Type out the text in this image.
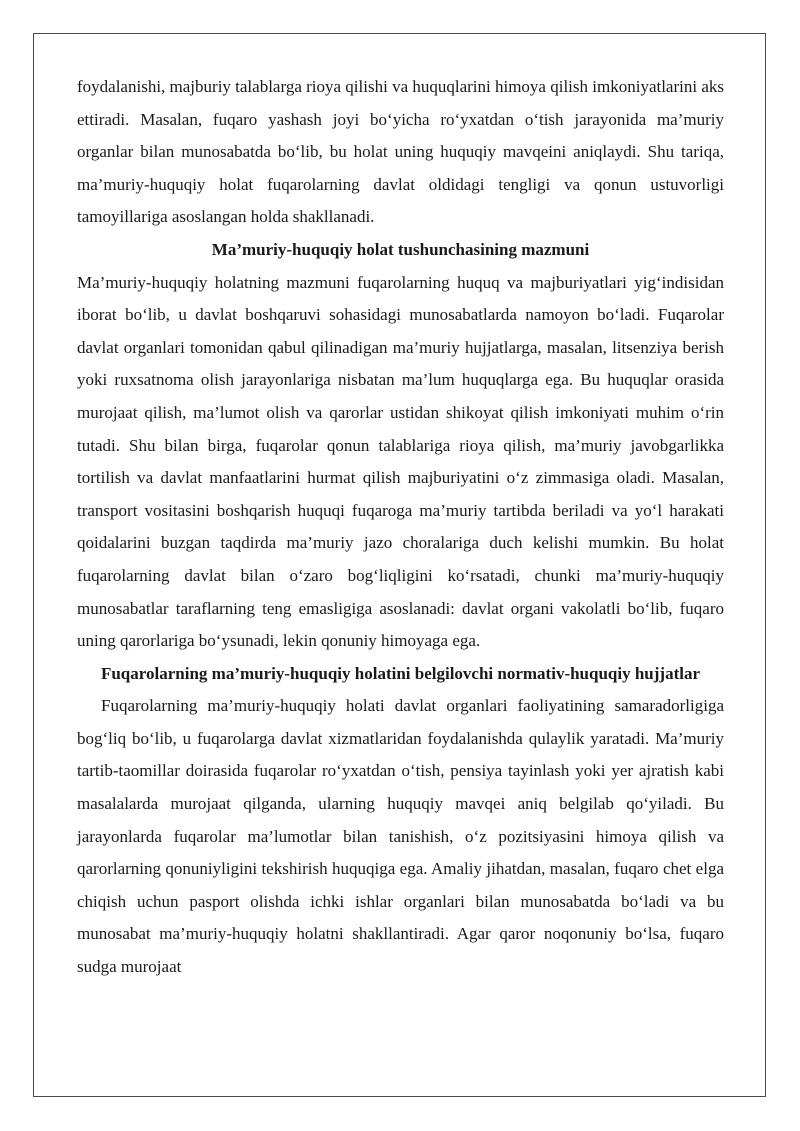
foydalanishi, majburiy talablarga rioya qilishi va huquqlarini himoya qilish imkoniyatlarini aks ettiradi. Masalan, fuqaro yashash joyi bo‘yicha ro‘yxatdan o‘tish jarayonida ma’muriy organlar bilan munosabatda bo‘lib, bu holat uning huquqiy mavqeini aniqlaydi. Shu tariqa, ma’muriy-huquqiy holat fuqarolarning davlat oldidagi tengligi va qonun ustuvorligi tamoyillariga asoslangan holda shakllanadi.

Ma’muriy-huquqiy holat tushunchasining mazmuni

Ma’muriy-huquqiy holatning mazmuni fuqarolarning huquq va majburiyatlari yig‘indisidan iborat bo‘lib, u davlat boshqaruvi sohasidagi munosabatlarda namoyon bo‘ladi. Fuqarolar davlat organlari tomonidan qabul qilinadigan ma’muriy hujjatlarga, masalan, litsenziya berish yoki ruxsatnoma olish jarayonlariga nisbatan ma’lum huquqlarga ega. Bu huquqlar orasida murojaat qilish, ma’lumot olish va qarorlar ustidan shikoyat qilish imkoniyati muhim o‘rin tutadi. Shu bilan birga, fuqarolar qonun talablariga rioya qilish, ma’muriy javobgarlikka tortilish va davlat manfaatlarini hurmat qilish majburiyatini o‘z zimmasiga oladi. Masalan, transport vositasini boshqarish huquqi fuqaroga ma’muriy tartibda beriladi va yo‘l harakati qoidalarini buzgan taqdirda ma’muriy jazo choralariga duch kelishi mumkin. Bu holat fuqarolarning davlat bilan o‘zaro bog‘liqligini ko‘rsatadi, chunki ma’muriy-huquqiy munosabatlar taraflarning teng emasligiga asoslanadi: davlat organi vakolatli bo‘lib, fuqaro uning qarorlariga bo‘ysunadi, lekin qonuniy himoyaga ega.

Fuqarolarning ma’muriy-huquqiy holatini belgilovchi normativ-huquqiy hujjatlar

Fuqarolarning ma’muriy-huquqiy holati davlat organlari faoliyatining samaradorligiga bog‘liq bo‘lib, u fuqarolarga davlat xizmatlaridan foydalanishda qulaylik yaratadi. Ma’muriy tartib-taomillar doirasida fuqarolar ro‘yxatdan o‘tish, pensiya tayinlash yoki yer ajratish kabi masalalarda murojaat qilganda, ularning huquqiy mavqei aniq belgilab qo‘yiladi. Bu jarayonlarda fuqarolar ma’lumotlar bilan tanishish, o‘z pozitsiyasini himoya qilish va qarorlarning qonuniyligini tekshirish huquqiga ega. Amaliy jihatdan, masalan, fuqaro chet elga chiqish uchun pasport olishda ichki ishlar organlari bilan munosabatda bo‘ladi va bu munosabat ma’muriy-huquqiy holatni shakllantiradi. Agar qaror noqonuniy bo‘lsa, fuqaro sudga murojaat
